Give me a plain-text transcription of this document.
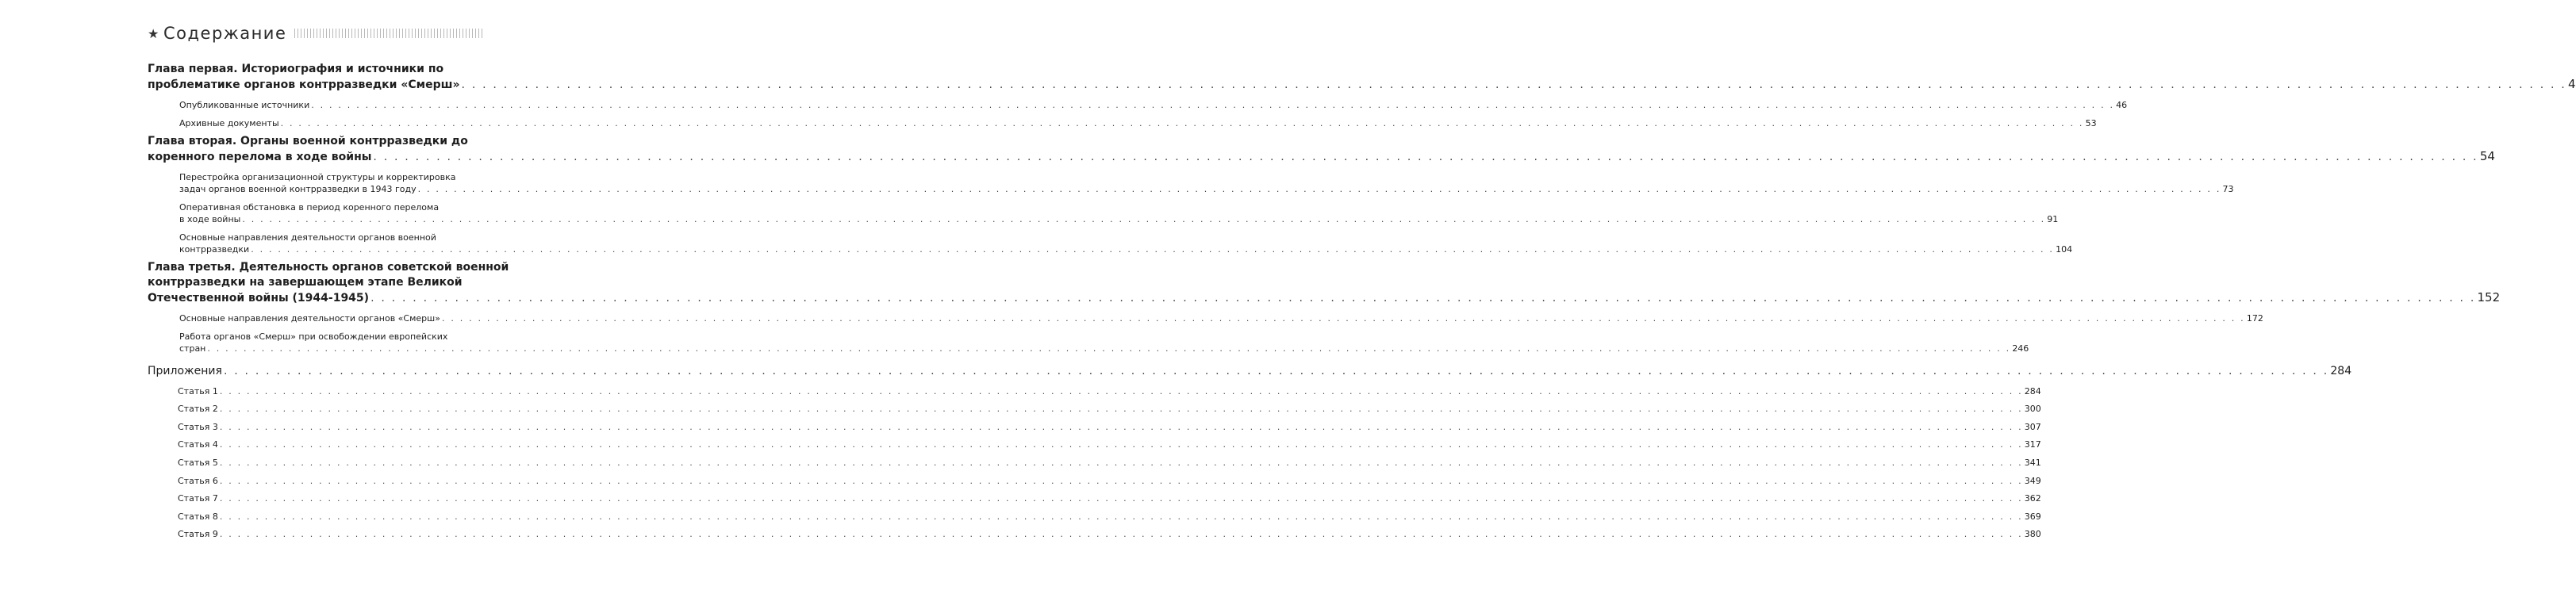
★ Содержание
Глава первая. Историография и источники по
проблематике органов контрразведки «Смерш» . . . . . . . . . . . . . . . . . . . . . . . . . . . . . . . . . . . . . . . . . . . . . . . . . . . . . . . . . . . . . . . . . . . . . . . . . . . . . . . . . . . . . . . . . . . . . . . . . . . . . . . . . . . . . . . . . . . . . . . . . . . . . . . . . . . . . . . . . . . . . . . . . . . . . . . . . . . . . . . . . . . . . . . . . . . . . . . . . . . . . . . . . . . . . . . . . . . . . . . . 4
Опубликованные источники . . . . . . . . . . . . . . . . . . . . . . . . . . . . . . . . . . . . . . . . . . . . . . . . . . . . . . . . . . . . . . . . . . . . . . . . . . . . . . . . . . . . . . . . . . . . . . . . . . . . . . . . . . . . . . . . . . . . . . . . . . . . . . . . . . . . . . . . . . . . . . . . . . . . . . . . . . . . . . . . . . . . . . . . . . . . . . . . . . . . . . . . . . . . . . . . . . . . . . . . 46
Архивные документы . . . . . . . . . . . . . . . . . . . . . . . . . . . . . . . . . . . . . . . . . . . . . . . . . . . . . . . . . . . . . . . . . . . . . . . . . . . . . . . . . . . . . . . . . . . . . . . . . . . . . . . . . . . . . . . . . . . . . . . . . . . . . . . . . . . . . . . . . . . . . . . . . . . . . . . . . . . . . . . . . . . . . . . . . . . . . . . . . . . . . . . . . . . . . . . . . . . . . . . . 53
Глава вторая. Органы военной контрразведки до
коренного перелома в ходе войны . . . . . . . . . . . . . . . . . . . . . . . . . . . . . . . . . . . . . . . . . . . . . . . . . . . . . . . . . . . . . . . . . . . . . . . . . . . . . . . . . . . . . . . . . . . . . . . . . . . . . . . . . . . . . . . . . . . . . . . . . . . . . . . . . . . . . . . . . . . . . . . . . . . . . . . . . . . . . . . . . . . . . . . . . . . . . . . . . . . . . . . . . . . . . . . . . . . . . . . . 54
Перестройка организационной структуры и корректировка
задач органов военной контрразведки в 1943 году . . . . . . . . . . . . . . . . . . . . . . . . . . . . . . . . . . . . . . . . . . . . . . . . . . . . . . . . . . . . . . . . . . . . . . . . . . . . . . . . . . . . . . . . . . . . . . . . . . . . . . . . . . . . . . . . . . . . . . . . . . . . . . . . . . . . . . . . . . . . . . . . . . . . . . . . . . . . . . . . . . . . . . . . . . . . . . . . . . . . . . . . . . . . . . . . . . . . . . . . 73
Оперативная обстановка в период коренного перелома
в ходе войны . . . . . . . . . . . . . . . . . . . . . . . . . . . . . . . . . . . . . . . . . . . . . . . . . . . . . . . . . . . . . . . . . . . . . . . . . . . . . . . . . . . . . . . . . . . . . . . . . . . . . . . . . . . . . . . . . . . . . . . . . . . . . . . . . . . . . . . . . . . . . . . . . . . . . . . . . . . . . . . . . . . . . . . . . . . . . . . . . . . . . . . . . . . . . . . . . . . . . . . . 91
Основные направления деятельности органов военной
контрразведки . . . . . . . . . . . . . . . . . . . . . . . . . . . . . . . . . . . . . . . . . . . . . . . . . . . . . . . . . . . . . . . . . . . . . . . . . . . . . . . . . . . . . . . . . . . . . . . . . . . . . . . . . . . . . . . . . . . . . . . . . . . . . . . . . . . . . . . . . . . . . . . . . . . . . . . . . . . . . . . . . . . . . . . . . . . . . . . . . . . . . . . . . . . . . . . . . . . . . . . . 104
Глава третья. Деятельность органов советской военной
контрразведки на завершающем этапе Великой
Отечественной войны (1944-1945) . . . . . . . . . . . . . . . . . . . . . . . . . . . . . . . . . . . . . . . . . . . . . . . . . . . . . . . . . . . . . . . . . . . . . . . . . . . . . . . . . . . . . . . . . . . . . . . . . . . . . . . . . . . . . . . . . . . . . . . . . . . . . . . . . . . . . . . . . . . . . . . . . . . . . . . . . . . . . . . . . . . . . . . . . . . . . . . . . . . . . . . . . . . . . . . . . . . . . . . . 152
Основные направления деятельности органов «Смерш» . . . . . . . . . . . . . . . . . . . . . . . . . . . . . . . . . . . . . . . . . . . . . . . . . . . . . . . . . . . . . . . . . . . . . . . . . . . . . . . . . . . . . . . . . . . . . . . . . . . . . . . . . . . . . . . . . . . . . . . . . . . . . . . . . . . . . . . . . . . . . . . . . . . . . . . . . . . . . . . . . . . . . . . . . . . . . . . . . . . . . . . . . . . . . . . . . . . . . . . . 172
Работа органов «Смерш» при освобождении европейских
стран . . . . . . . . . . . . . . . . . . . . . . . . . . . . . . . . . . . . . . . . . . . . . . . . . . . . . . . . . . . . . . . . . . . . . . . . . . . . . . . . . . . . . . . . . . . . . . . . . . . . . . . . . . . . . . . . . . . . . . . . . . . . . . . . . . . . . . . . . . . . . . . . . . . . . . . . . . . . . . . . . . . . . . . . . . . . . . . . . . . . . . . . . . . . . . . . . . . . . . . . 246
Приложения . . . . . . . . . . . . . . . . . . . . . . . . . . . . . . . . . . . . . . . . . . . . . . . . . . . . . . . . . . . . . . . . . . . . . . . . . . . . . . . . . . . . . . . . . . . . . . . . . . . . . . . . . . . . . . . . . . . . . . . . . . . . . . . . . . . . . . . . . . . . . . . . . . . . . . . . . . . . . . . . . . . . . . . . . . . . . . . . . . . . . . . . . . . . . . . . . . . . . . . . 284
Статья 1 . . . . . . . . . . . . . . . . . . . . . . . . . . . . . . . . . . . . . . . . . . . . . . . . . . . . . . . . . . . . . . . . . . . . . . . . . . . . . . . . . . . . . . . . . . . . . . . . . . . . . . . . . . . . . . . . . . . . . . . . . . . . . . . . . . . . . . . . . . . . . . . . . . . . . . . . . . . . . . . . . . . . . . . . . . . . . . . . . . . . . . . . . . . . . . . . . . . . . . . . 284
Статья 2 . . . . . . . . . . . . . . . . . . . . . . . . . . . . . . . . . . . . . . . . . . . . . . . . . . . . . . . . . . . . . . . . . . . . . . . . . . . . . . . . . . . . . . . . . . . . . . . . . . . . . . . . . . . . . . . . . . . . . . . . . . . . . . . . . . . . . . . . . . . . . . . . . . . . . . . . . . . . . . . . . . . . . . . . . . . . . . . . . . . . . . . . . . . . . . . . . . . . . . . . 300
Статья 3 . . . . . . . . . . . . . . . . . . . . . . . . . . . . . . . . . . . . . . . . . . . . . . . . . . . . . . . . . . . . . . . . . . . . . . . . . . . . . . . . . . . . . . . . . . . . . . . . . . . . . . . . . . . . . . . . . . . . . . . . . . . . . . . . . . . . . . . . . . . . . . . . . . . . . . . . . . . . . . . . . . . . . . . . . . . . . . . . . . . . . . . . . . . . . . . . . . . . . . . . 307
Статья 4 . . . . . . . . . . . . . . . . . . . . . . . . . . . . . . . . . . . . . . . . . . . . . . . . . . . . . . . . . . . . . . . . . . . . . . . . . . . . . . . . . . . . . . . . . . . . . . . . . . . . . . . . . . . . . . . . . . . . . . . . . . . . . . . . . . . . . . . . . . . . . . . . . . . . . . . . . . . . . . . . . . . . . . . . . . . . . . . . . . . . . . . . . . . . . . . . . . . . . . . . 317
Статья 5 . . . . . . . . . . . . . . . . . . . . . . . . . . . . . . . . . . . . . . . . . . . . . . . . . . . . . . . . . . . . . . . . . . . . . . . . . . . . . . . . . . . . . . . . . . . . . . . . . . . . . . . . . . . . . . . . . . . . . . . . . . . . . . . . . . . . . . . . . . . . . . . . . . . . . . . . . . . . . . . . . . . . . . . . . . . . . . . . . . . . . . . . . . . . . . . . . . . . . . . . 341
Статья 6 . . . . . . . . . . . . . . . . . . . . . . . . . . . . . . . . . . . . . . . . . . . . . . . . . . . . . . . . . . . . . . . . . . . . . . . . . . . . . . . . . . . . . . . . . . . . . . . . . . . . . . . . . . . . . . . . . . . . . . . . . . . . . . . . . . . . . . . . . . . . . . . . . . . . . . . . . . . . . . . . . . . . . . . . . . . . . . . . . . . . . . . . . . . . . . . . . . . . . . . . 349
Статья 7 . . . . . . . . . . . . . . . . . . . . . . . . . . . . . . . . . . . . . . . . . . . . . . . . . . . . . . . . . . . . . . . . . . . . . . . . . . . . . . . . . . . . . . . . . . . . . . . . . . . . . . . . . . . . . . . . . . . . . . . . . . . . . . . . . . . . . . . . . . . . . . . . . . . . . . . . . . . . . . . . . . . . . . . . . . . . . . . . . . . . . . . . . . . . . . . . . . . . . . . . 362
Статья 8 . . . . . . . . . . . . . . . . . . . . . . . . . . . . . . . . . . . . . . . . . . . . . . . . . . . . . . . . . . . . . . . . . . . . . . . . . . . . . . . . . . . . . . . . . . . . . . . . . . . . . . . . . . . . . . . . . . . . . . . . . . . . . . . . . . . . . . . . . . . . . . . . . . . . . . . . . . . . . . . . . . . . . . . . . . . . . . . . . . . . . . . . . . . . . . . . . . . . . . . . 369
Статья 9 . . . . . . . . . . . . . . . . . . . . . . . . . . . . . . . . . . . . . . . . . . . . . . . . . . . . . . . . . . . . . . . . . . . . . . . . . . . . . . . . . . . . . . . . . . . . . . . . . . . . . . . . . . . . . . . . . . . . . . . . . . . . . . . . . . . . . . . . . . . . . . . . . . . . . . . . . . . . . . . . . . . . . . . . . . . . . . . . . . . . . . . . . . . . . . . . . . . . . . . . 380
